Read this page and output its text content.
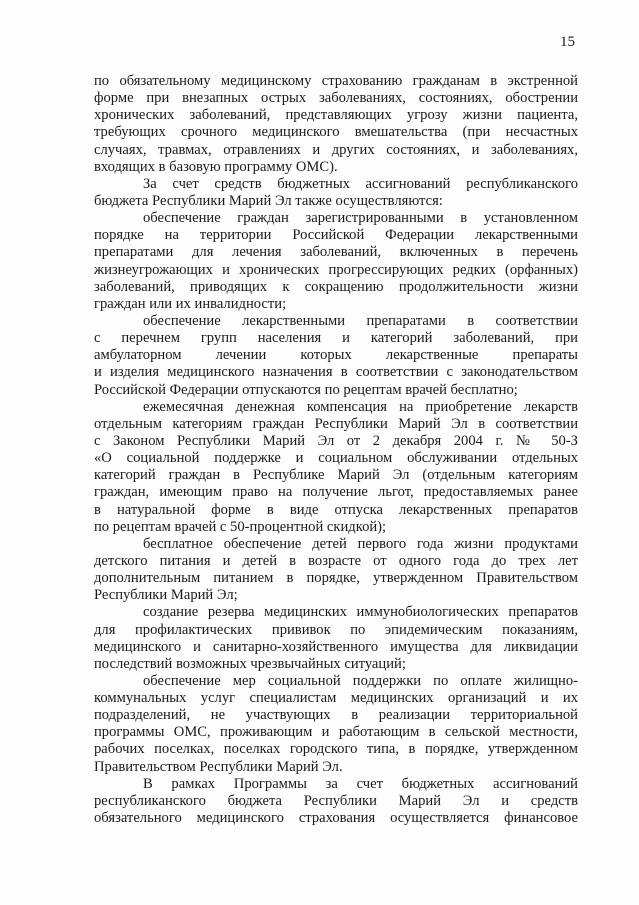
15
по обязательному медицинскому страхованию гражданам в экстренной
форме при внезапных острых заболеваниях, состояниях, обострении
хронических заболеваний, представляющих угрозу жизни пациента,
требующих срочного медицинского вмешательства (при несчастных
случаях, травмах, отравлениях и других состояниях, и заболеваниях,
входящих в базовую программу ОМС).
За счет средств бюджетных ассигнований республиканского
бюджета Республики Марий Эл также осуществляются:
обеспечение граждан зарегистрированными в установленном
порядке на территории Российской Федерации лекарственными
препаратами для лечения заболеваний, включенных в перечень
жизнеугрожающих и хронических прогрессирующих редких (орфанных)
заболеваний, приводящих к сокращению продолжительности жизни
граждан или их инвалидности;
обеспечение лекарственными препаратами в соответствии
с перечнем групп населения и категорий заболеваний, при
амбулаторном лечении которых лекарственные препараты
и изделия медицинского назначения в соответствии с законодательством
Российской Федерации отпускаются по рецептам врачей бесплатно;
ежемесячная денежная компенсация на приобретение лекарств
отдельным категориям граждан Республики Марий Эл в соответствии
с Законом Республики Марий Эл от 2 декабря 2004 г. № 50-З
«О социальной поддержке и социальном обслуживании отдельных
категорий граждан в Республике Марий Эл (отдельным категориям
граждан, имеющим право на получение льгот, предоставляемых ранее
в натуральной форме в виде отпуска лекарственных препаратов
по рецептам врачей с 50-процентной скидкой);
бесплатное обеспечение детей первого года жизни продуктами
детского питания и детей в возрасте от одного года до трех лет
дополнительным питанием в порядке, утвержденном Правительством
Республики Марий Эл;
создание резерва медицинских иммунобиологических препаратов
для профилактических прививок по эпидемическим показаниям,
медицинского и санитарно-хозяйственного имущества для ликвидации
последствий возможных чрезвычайных ситуаций;
обеспечение мер социальной поддержки по оплате жилищно-
коммунальных услуг специалистам медицинских организаций и их
подразделений, не участвующих в реализации территориальной
программы ОМС, проживающим и работающим в сельской местности,
рабочих поселках, поселках городского типа, в порядке, утвержденном
Правительством Республики Марий Эл.
В рамках Программы за счет бюджетных ассигнований
республиканского бюджета Республики Марий Эл и средств
обязательного медицинского страхования осуществляется финансовое
